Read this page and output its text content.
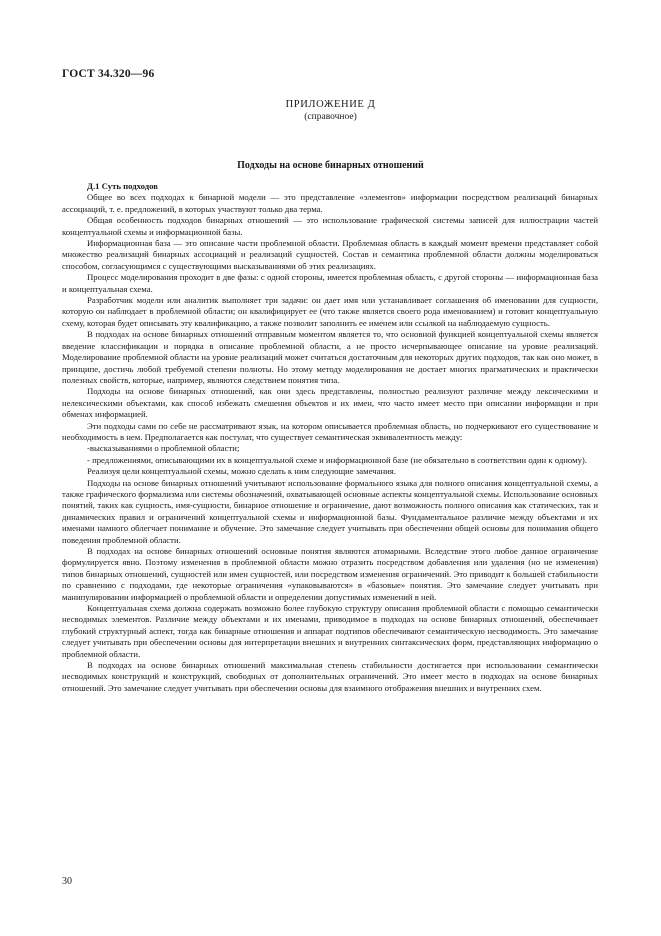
ГОСТ 34.320—96
ПРИЛОЖЕНИЕ Д
(справочное)
Подходы на основе бинарных отношений
Д.1 Суть подходов

Общее во всех подходах к бинарной модели — это представление «элементов» информации посредством реализаций бинарных ассоциаций, т. е. предложений, в которых участвуют только два терма.

Общая особенность подходов бинарных отношений — это использование графической системы записей для иллюстрации частей концептуальной схемы и информационной базы.

Информационная база — это описание части проблемной области. Проблемная область в каждый момент времени представляет собой множество реализаций бинарных ассоциаций и реализаций сущностей. Состав и семантика проблемной области должны моделироваться способом, согласующимся с существующими высказываниями об этих реализациях.

Процесс моделирования проходит в две фазы: с одной стороны, имеется проблемная область, с другой стороны — информационная база и концептуальная схема.

Разработчик модели или аналитик выполняет три задачи: он дает имя или устанавливает соглашения об именовании для сущности, которую он наблюдает в проблемной области; он квалифицирует ее (что также является своего рода именованием) и готовит концептуальную схему, которая будет описывать эту квалификацию, а также позволит заполнить ее именем или ссылкой на наблюдаемую сущность.

В подходах на основе бинарных отношений отправным моментом является то, что основной функцией концептуальной схемы является введение классификации и порядка в описание проблемной области, а не просто исчерпывающее описание на уровне реализаций. Моделирование проблемной области на уровне реализаций может считаться достаточным для некоторых других подходов, так как оно может, в принципе, достичь любой требуемой степени полноты. Но этому методу моделирования не достает многих прагматических и практически полезных свойств, которые, например, являются следствием понятия типа.

Подходы на основе бинарных отношений, как они здесь представлены, полностью реализуют различие между лексическими и нелексическими объектами, как способ избежать смешения объектов и их имен, что часто имеет место при описании информации и при обменах информацией.

Эти подходы сами по себе не рассматривают язык, на котором описывается проблемная область, но подчеркивают его существование и необходимость в нем. Предполагается как постулат, что существует семантическая эквивалентность между:

-высказываниями о проблемной области;

- предложениями, описывающими их в концептуальной схеме и информационной базе (не обязательно в соответствии один к одному).

Реализуя цели концептуальной схемы, можно сделать к ним следующие замечания.

Подходы на основе бинарных отношений учитывают использование формального языка для полного описания концептуальной схемы, а также графического формализма или системы обозначений, охватывающей основные аспекты концептуальной схемы. Использование основных понятий, таких как сущность, имя-сущности, бинарное отношение и ограничение, дают возможность полного описания как статических, так и динамических правил и ограничений концептуальной схемы и информационной базы. Фундаментальное различие между объектами и их именами намного облегчает понимание и обучение. Это замечание следует учитывать при обеспечении общей основы для понимания общего поведения проблемной области.

В подходах на основе бинарных отношений основные понятия являются атомарными. Вследствие этого любое данное ограничение формулируется явно. Поэтому изменения в проблемной области можно отразить посредством добавления или удаления (но не изменения) типов бинарных отношений, сущностей или имен сущностей, или посредством изменения ограничений. Это приводит к большей стабильности по сравнению с подходами, где некоторые ограничения «упаковываются» в «базовые» понятия. Это замечание следует учитывать при манипулировании информацией о проблемной области и определении допустимых изменений в ней.

Концептуальная схема должна содержать возможно более глубокую структуру описания проблемной области с помощью семантически несводимых элементов. Различие между объектами и их именами, приводимое в подходах на основе бинарных отношений, обеспечивает глубокий структурный аспект, тогда как бинарные отношения и аппарат подтипов обеспечивают семантическую несводимость. Это замечание следует учитывать при обеспечении основы для интерпретации внешних и внутренних синтаксических форм, представляющих информацию о проблемной области.

В подходах на основе бинарных отношений максимальная степень стабильности достигается при использовании семантически несводимых конструкций и конструкций, свободных от дополнительных ограничений. Это имеет место в подходах на основе бинарных отношений. Это замечание следует учитывать при обеспечении основы для взаимного отображения внешних и внутренних схем.

30
